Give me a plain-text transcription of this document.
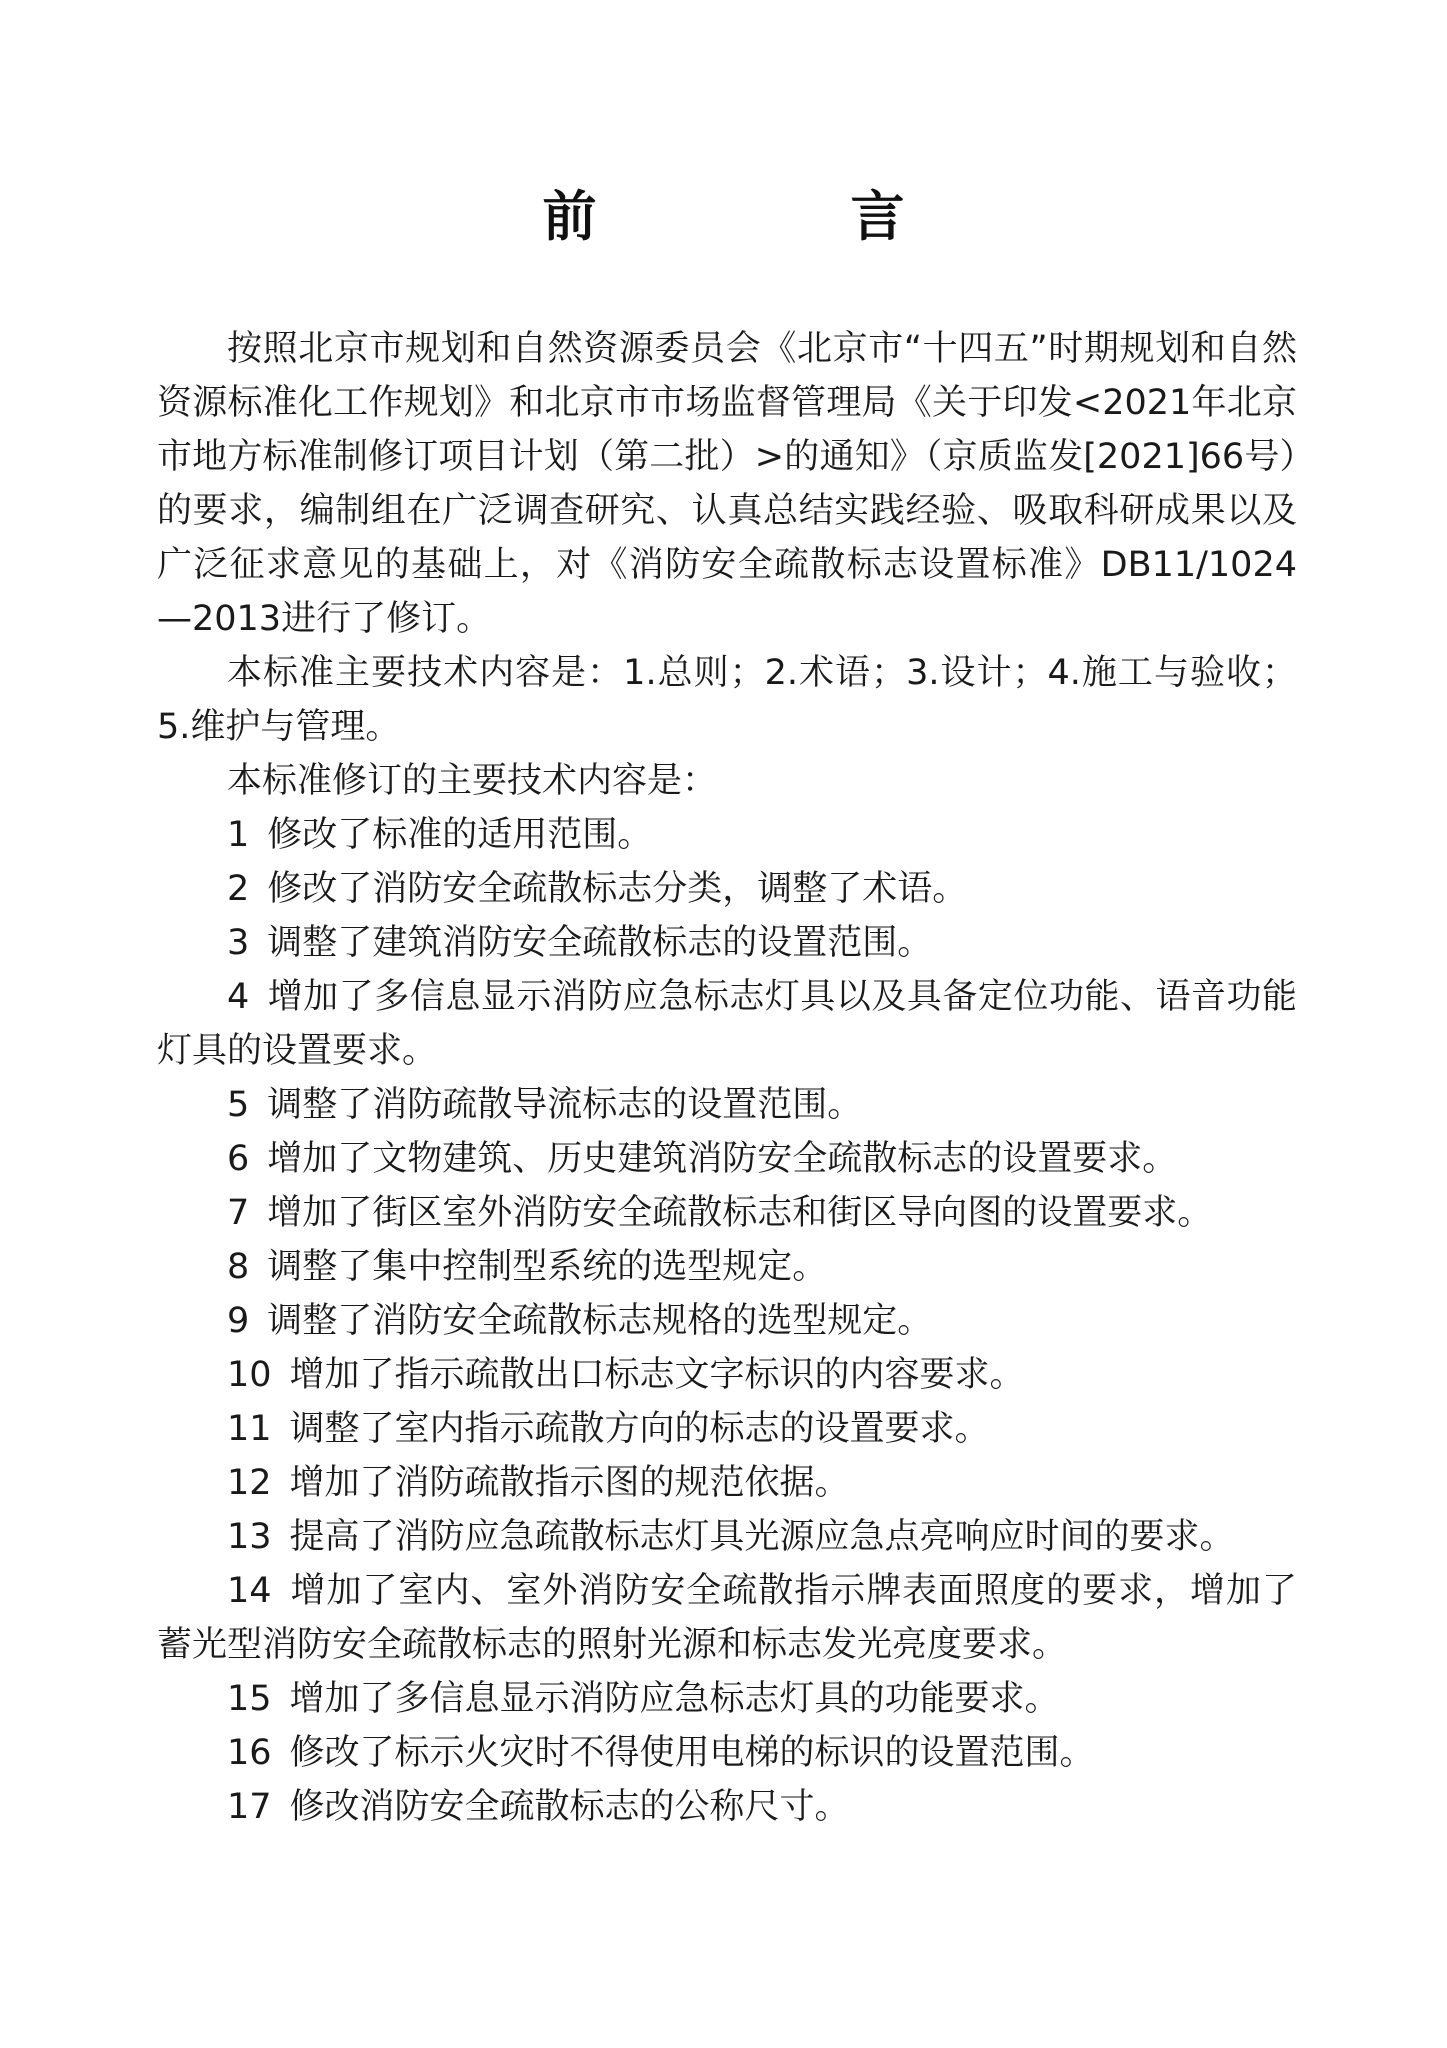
前　言

按照北京市规划和自然资源委员会《北京市“十四五”时期规划和自然资源标准化工作规划》和北京市市场监督管理局《关于印发<2021年北京市地方标准制修订项目计划（第二批）>的通知》（京质监发[2021]66号）的要求，编制组在广泛调查研究、认真总结实践经验、吸取科研成果以及广泛征求意见的基础上，对《消防安全疏散标志设置标准》DB11/1024—2013进行了修订。

本标准主要技术内容是：1.总则；2.术语；3.设计；4.施工与验收；5.维护与管理。

本标准修订的主要技术内容是：

1 修改了标准的适用范围。

2 修改了消防安全疏散标志分类，调整了术语。

3 调整了建筑消防安全疏散标志的设置范围。

4 增加了多信息显示消防应急标志灯具以及具备定位功能、语音功能灯具的设置要求。

5 调整了消防疏散导流标志的设置范围。

6 增加了文物建筑、历史建筑消防安全疏散标志的设置要求。

7 增加了街区室外消防安全疏散标志和街区导向图的设置要求。

8 调整了集中控制型系统的选型规定。

9 调整了消防安全疏散标志规格的选型规定。

10 增加了指示疏散出口标志文字标识的内容要求。

11 调整了室内指示疏散方向的标志的设置要求。

12 增加了消防疏散指示图的规范依据。

13 提高了消防应急疏散标志灯具光源应急点亮响应时间的要求。

14 增加了室内、室外消防安全疏散指示牌表面照度的要求，增加了蓄光型消防安全疏散标志的照射光源和标志发光亮度要求。

15 增加了多信息显示消防应急标志灯具的功能要求。

16 修改了标示火灾时不得使用电梯的标识的设置范围。

17 修改消防安全疏散标志的公称尺寸。
